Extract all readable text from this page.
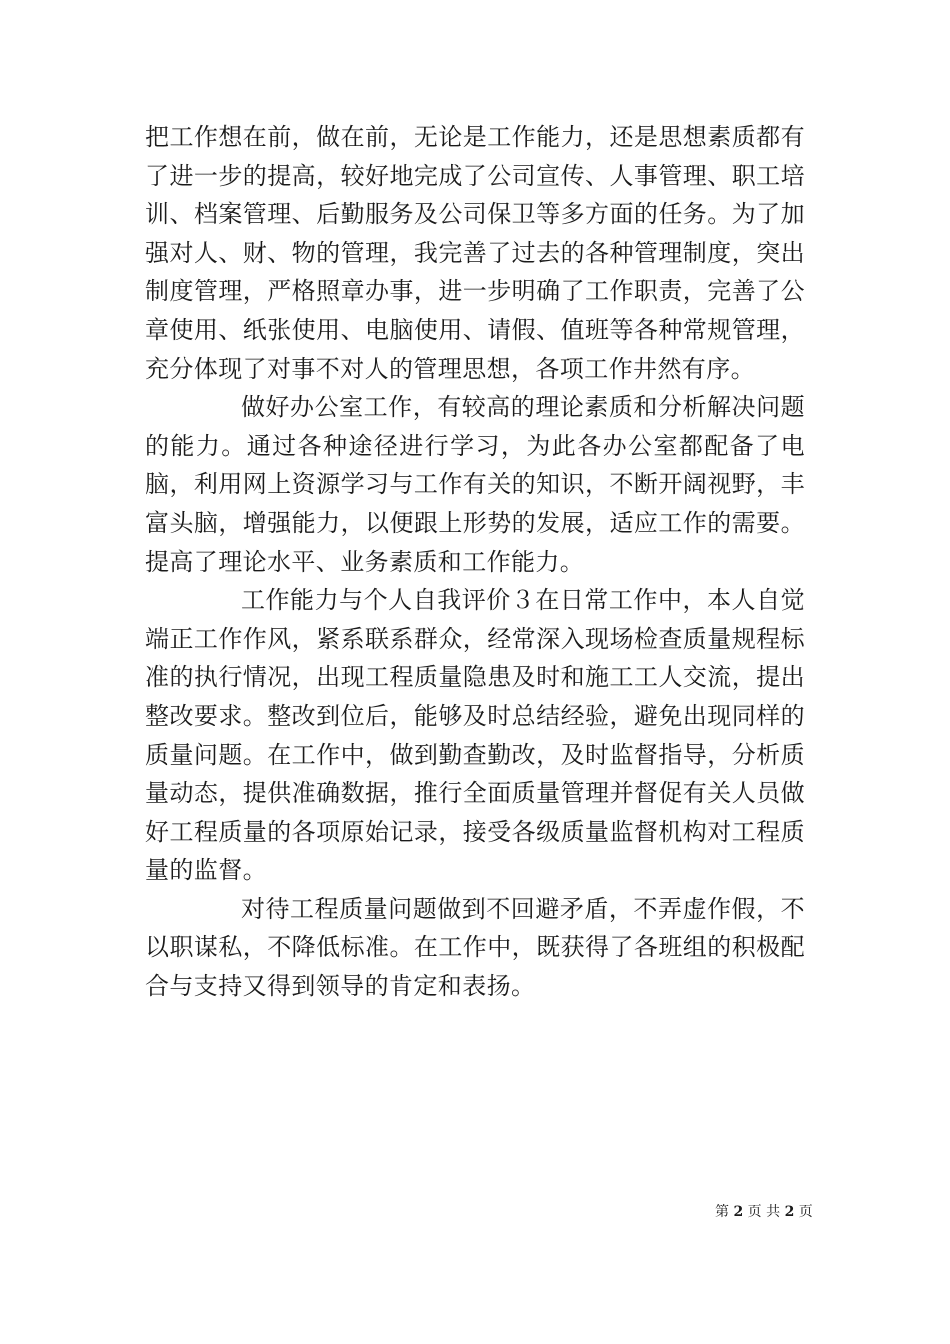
把工作想在前，做在前，无论是工作能力，还是思想素质都有了进一步的提高，较好地完成了公司宣传、人事管理、职工培训、档案管理、后勤服务及公司保卫等多方面的任务。为了加强对人、财、物的管理，我完善了过去的各种管理制度，突出制度管理，严格照章办事，进一步明确了工作职责，完善了公章使用、纸张使用、电脑使用、请假、值班等各种常规管理，充分体现了对事不对人的管理思想，各项工作井然有序。

做好办公室工作，有较高的理论素质和分析解决问题的能力。通过各种途径进行学习，为此各办公室都配备了电脑，利用网上资源学习与工作有关的知识，不断开阔视野，丰富头脑，增强能力，以便跟上形势的发展，适应工作的需要。提高了理论水平、业务素质和工作能力。

工作能力与个人自我评价３在日常工作中，本人自觉端正工作作风，紧系联系群众，经常深入现场检查质量规程标准的执行情况，出现工程质量隐患及时和施工工人交流，提出整改要求。整改到位后，能够及时总结经验，避免出现同样的质量问题。在工作中，做到勤查勤改，及时监督指导，分析质量动态，提供准确数据，推行全面质量管理并督促有关人员做好工程质量的各项原始记录，接受各级质量监督机构对工程质量的监督。

对待工程质量问题做到不回避矛盾，不弄虚作假，不以职谋私，不降低标准。在工作中，既获得了各班组的积极配合与支持又得到领导的肯定和表扬。

第 2 页 共 2 页
